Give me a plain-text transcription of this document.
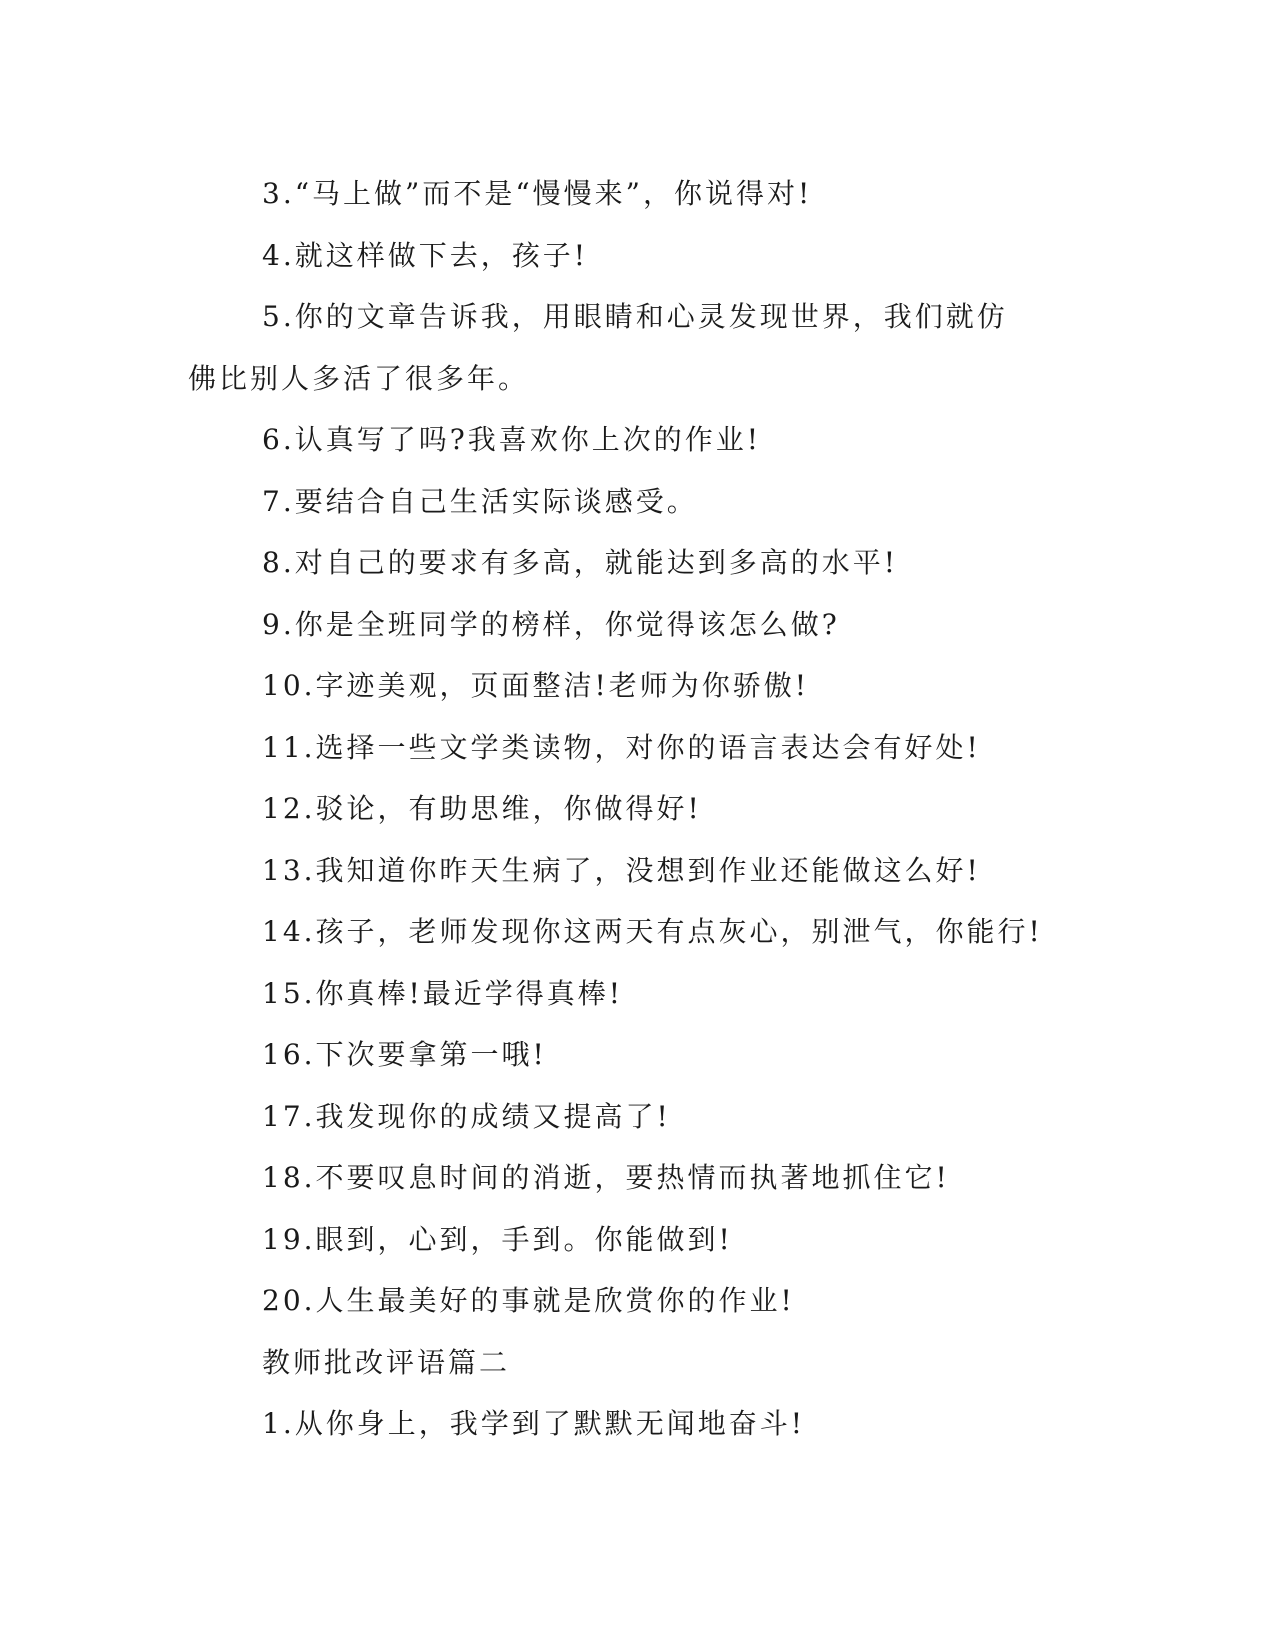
3.“马上做”而不是“慢慢来”，你说得对!

4.就这样做下去，孩子!

5.你的文章告诉我，用眼睛和心灵发现世界，我们就仿佛比别人多活了很多年。

6.认真写了吗?我喜欢你上次的作业!

7.要结合自己生活实际谈感受。

8.对自己的要求有多高，就能达到多高的水平!

9.你是全班同学的榜样，你觉得该怎么做?

10.字迹美观，页面整洁!老师为你骄傲!

11.选择一些文学类读物，对你的语言表达会有好处!

12.驳论，有助思维，你做得好!

13.我知道你昨天生病了，没想到作业还能做这么好!

14.孩子，老师发现你这两天有点灰心，别泄气，你能行!

15.你真棒!最近学得真棒!

16.下次要拿第一哦!

17.我发现你的成绩又提高了!

18.不要叹息时间的消逝，要热情而执著地抓住它!

19.眼到，心到，手到。你能做到!

20.人生最美好的事就是欣赏你的作业!

教师批改评语篇二

1.从你身上，我学到了默默无闻地奋斗!
